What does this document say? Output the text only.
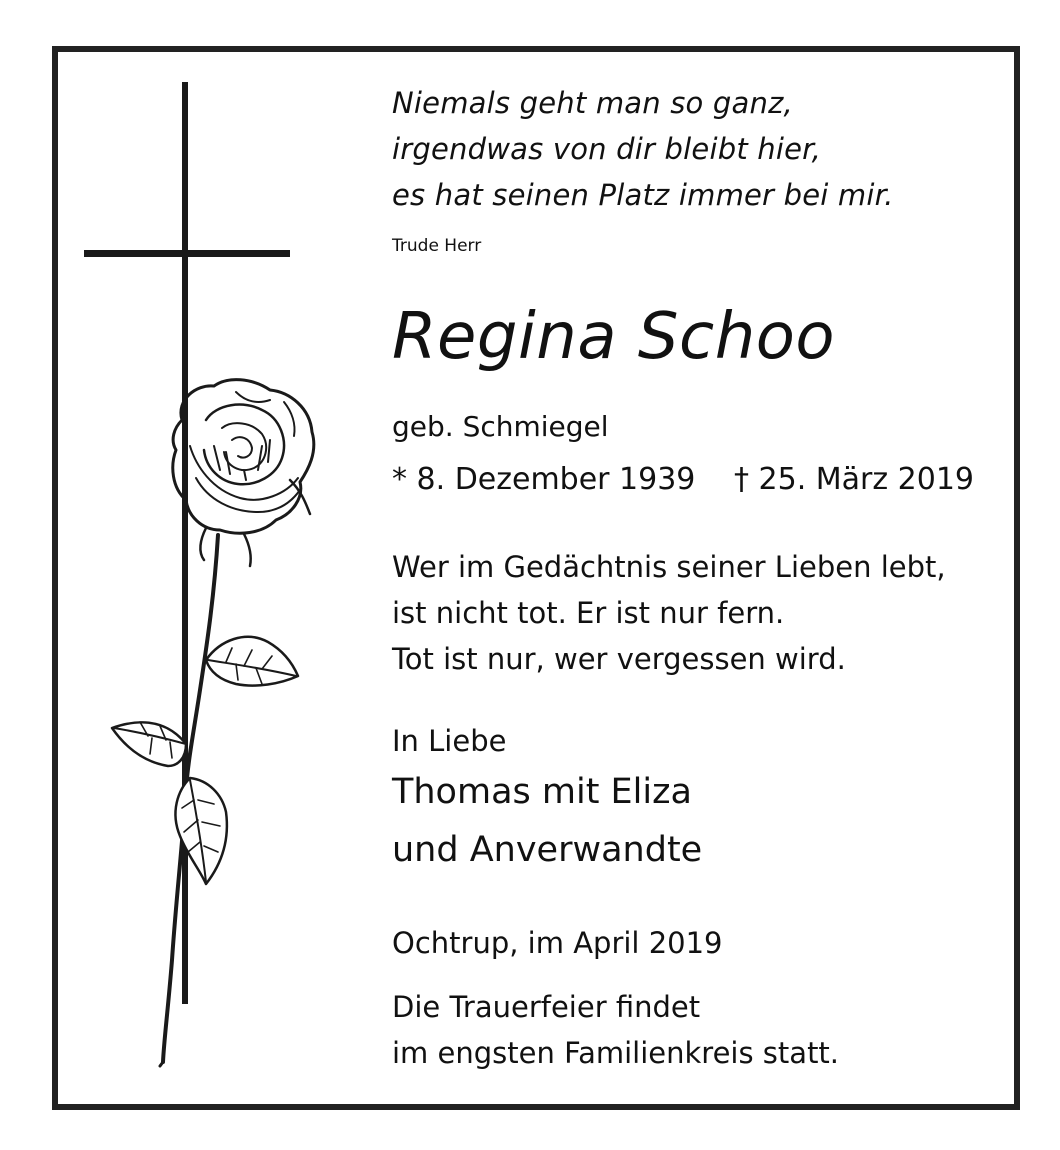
Niemals geht man so ganz,

irgendwas von dir bleibt hier,

es hat seinen Platz immer bei mir.

Trude Herr

Regina Schoo

geb. Schmiegel

* 8. Dezember 1939 † 25. März 2019

Wer im Gedächtnis seiner Lieben lebt,

ist nicht tot. Er ist nur fern.

Tot ist nur, wer vergessen wird.

In Liebe

Thomas mit Eliza

und Anverwandte

Ochtrup, im April 2019

Die Trauerfeier findet

im engsten Familienkreis statt.
